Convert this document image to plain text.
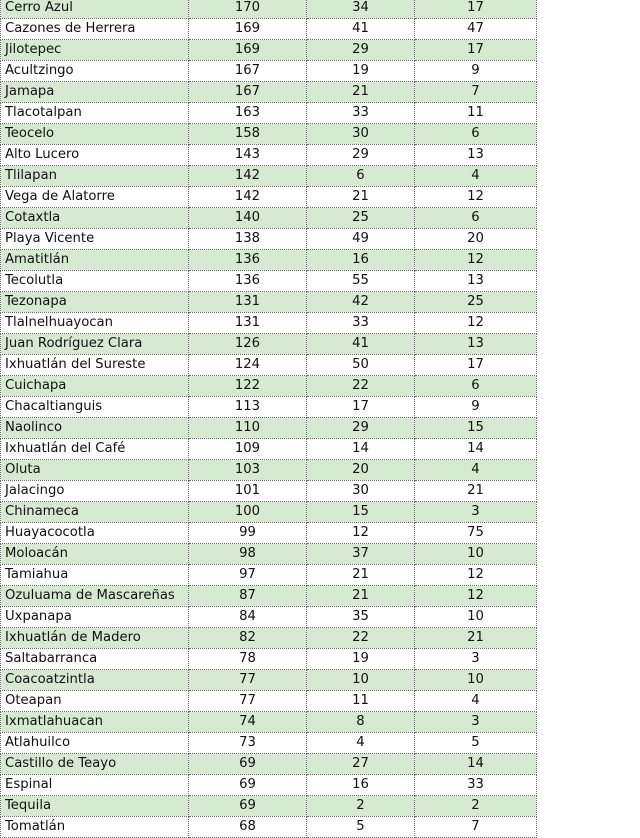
Cerro Azul	170	34	17
Cazones de Herrera	169	41	47
Jilotepec	169	29	17
Acultzingo	167	19	9
Jamapa	167	21	7
Tlacotalpan	163	33	11
Teocelo	158	30	6
Alto Lucero	143	29	13
Tlilapan	142	6	4
Vega de Alatorre	142	21	12
Cotaxtla	140	25	6
Playa Vicente	138	49	20
Amatitlán	136	16	12
Tecolutla	136	55	13
Tezonapa	131	42	25
Tlalnelhuayocan	131	33	12
Juan Rodríguez Clara	126	41	13
Ixhuatlán del Sureste	124	50	17
Cuichapa	122	22	6
Chacaltianguis	113	17	9
Naolinco	110	29	15
Ixhuatlán del Café	109	14	14
Oluta	103	20	4
Jalacingo	101	30	21
Chinameca	100	15	3
Huayacocotla	99	12	75
Moloacán	98	37	10
Tamiahua	97	21	12
Ozuluama de Mascareñas	87	21	12
Uxpanapa	84	35	10
Ixhuatlán de Madero	82	22	21
Saltabarranca	78	19	3
Coacoatzintla	77	10	10
Oteapan	77	11	4
Ixmatlahuacan	74	8	3
Atlahuilco	73	4	5
Castillo de Teayo	69	27	14
Espinal	69	16	33
Tequila	69	2	2
Tomatlán	68	5	7
